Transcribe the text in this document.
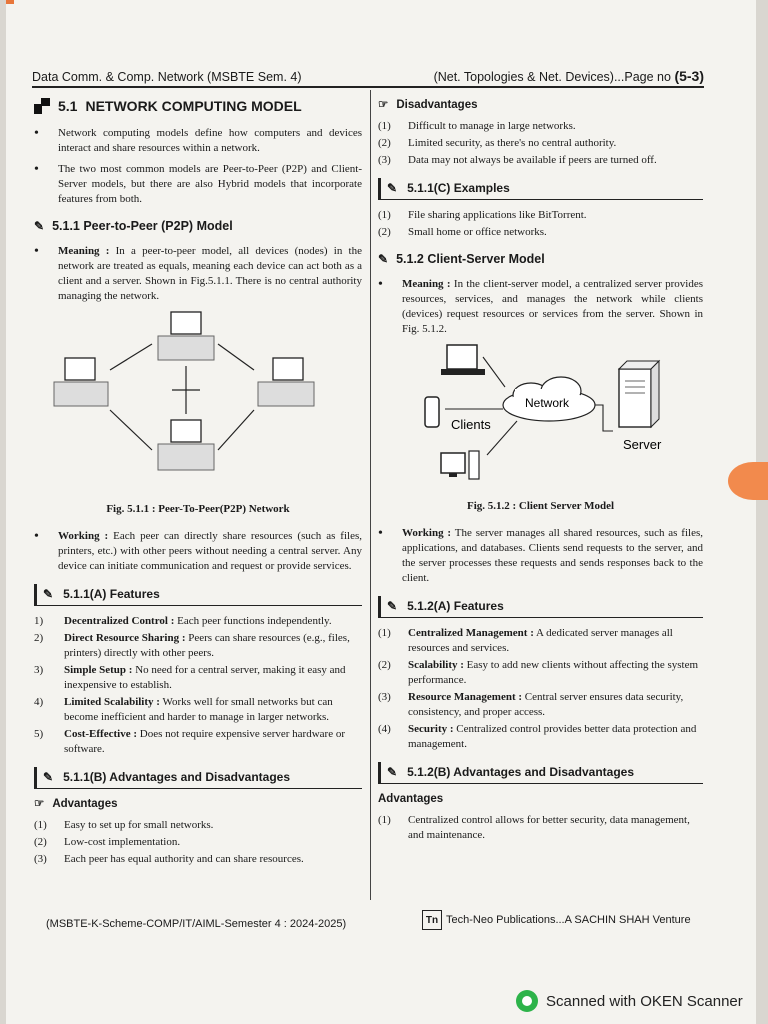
Data Comm. & Comp. Network (MSBTE Sem. 4)	(Net. Topologies & Net. Devices)...Page no (5-3)
5.1 NETWORK COMPUTING MODEL
•	Network computing models define how computers and devices interact and share resources within a network.
•	The two most common models are Peer-to-Peer (P2P) and Client-Server models, but there are also Hybrid models that incorporate features from both.
✎ 5.1.1 Peer-to-Peer (P2P) Model
•	Meaning : In a peer-to-peer model, all devices (nodes) in the network are treated as equals, meaning each device can act both as a client and a server. Shown in Fig.5.1.1. There is no central authority managing the network.
Fig. 5.1.1 : Peer-To-Peer(P2P) Network
•	Working : Each peer can directly share resources (such as files, printers, etc.) with other peers without needing a central server. Any device can initiate communication and request or provide services.
✎ 5.1.1(A) Features
1)	Decentralized Control : Each peer functions independently.
2)	Direct Resource Sharing : Peers can share resources (e.g., files, printers) directly with other peers.
3)	Simple Setup : No need for a central server, making it easy and inexpensive to establish.
4)	Limited Scalability : Works well for small networks but can become inefficient and harder to manage in larger networks.
5)	Cost-Effective : Does not require expensive server hardware or software.
✎ 5.1.1(B) Advantages and Disadvantages
☞ Advantages
(1)	Easy to set up for small networks.
(2)	Low-cost implementation.
(3)	Each peer has equal authority and can share resources.
☞ Disadvantages
(1)	Difficult to manage in large networks.
(2)	Limited security, as there's no central authority.
(3)	Data may not always be available if peers are turned off.
✎ 5.1.1(C) Examples
(1)	File sharing applications like BitTorrent.
(2)	Small home or office networks.
✎ 5.1.2 Client-Server Model
•	Meaning : In the client-server model, a centralized server provides resources, services, and manages the network while clients (devices) request resources or services from the server. Shown in Fig. 5.1.2.
Network
Clients
Server
Fig. 5.1.2 : Client Server Model
•	Working : The server manages all shared resources, such as files, applications, and databases. Clients send requests to the server, and the server processes these requests and sends responses back to the client.
✎ 5.1.2(A) Features
(1)	Centralized Management : A dedicated server manages all resources and services.
(2)	Scalability : Easy to add new clients without affecting the system performance.
(3)	Resource Management : Central server ensures data security, consistency, and proper access.
(4)	Security : Centralized control provides better data protection and management.
✎ 5.1.2(B) Advantages and Disadvantages
Advantages
(1)	Centralized control allows for better security, data management, and maintenance.
(MSBTE-K-Scheme-COMP/IT/AIML-Semester 4 : 2024-2025)	Tn Tech-Neo Publications...A SACHIN SHAH Venture
Scanned with OKEN Scanner
